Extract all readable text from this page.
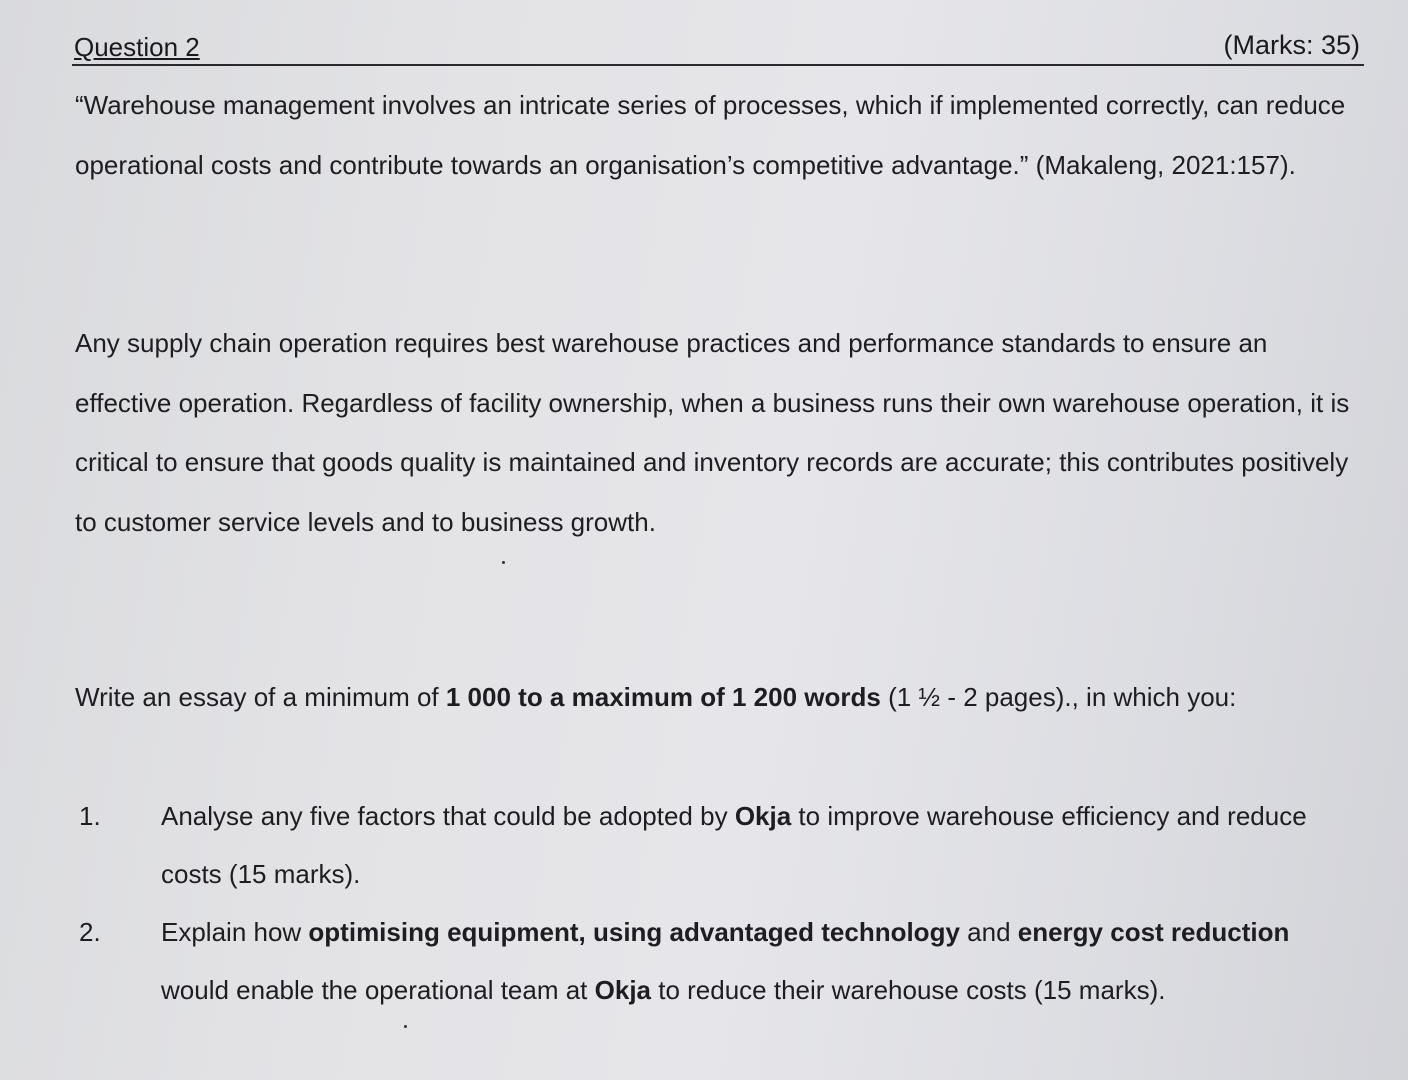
Question 2	(Marks: 35)

“Warehouse management involves an intricate series of processes, which if implemented correctly, can reduce operational costs and contribute towards an organisation’s competitive advantage.” (Makaleng, 2021:157).

Any supply chain operation requires best warehouse practices and performance standards to ensure an effective operation. Regardless of facility ownership, when a business runs their own warehouse operation, it is critical to ensure that goods quality is maintained and inventory records are accurate; this contributes positively to customer service levels and to business growth.

Write an essay of a minimum of 1 000 to a maximum of 1 200 words (1 ½ - 2 pages)., in which you:

1. Analyse any five factors that could be adopted by Okja to improve warehouse efficiency and reduce costs (15 marks).
2. Explain how optimising equipment, using advantaged technology and energy cost reduction would enable the operational team at Okja to reduce their warehouse costs (15 marks).
